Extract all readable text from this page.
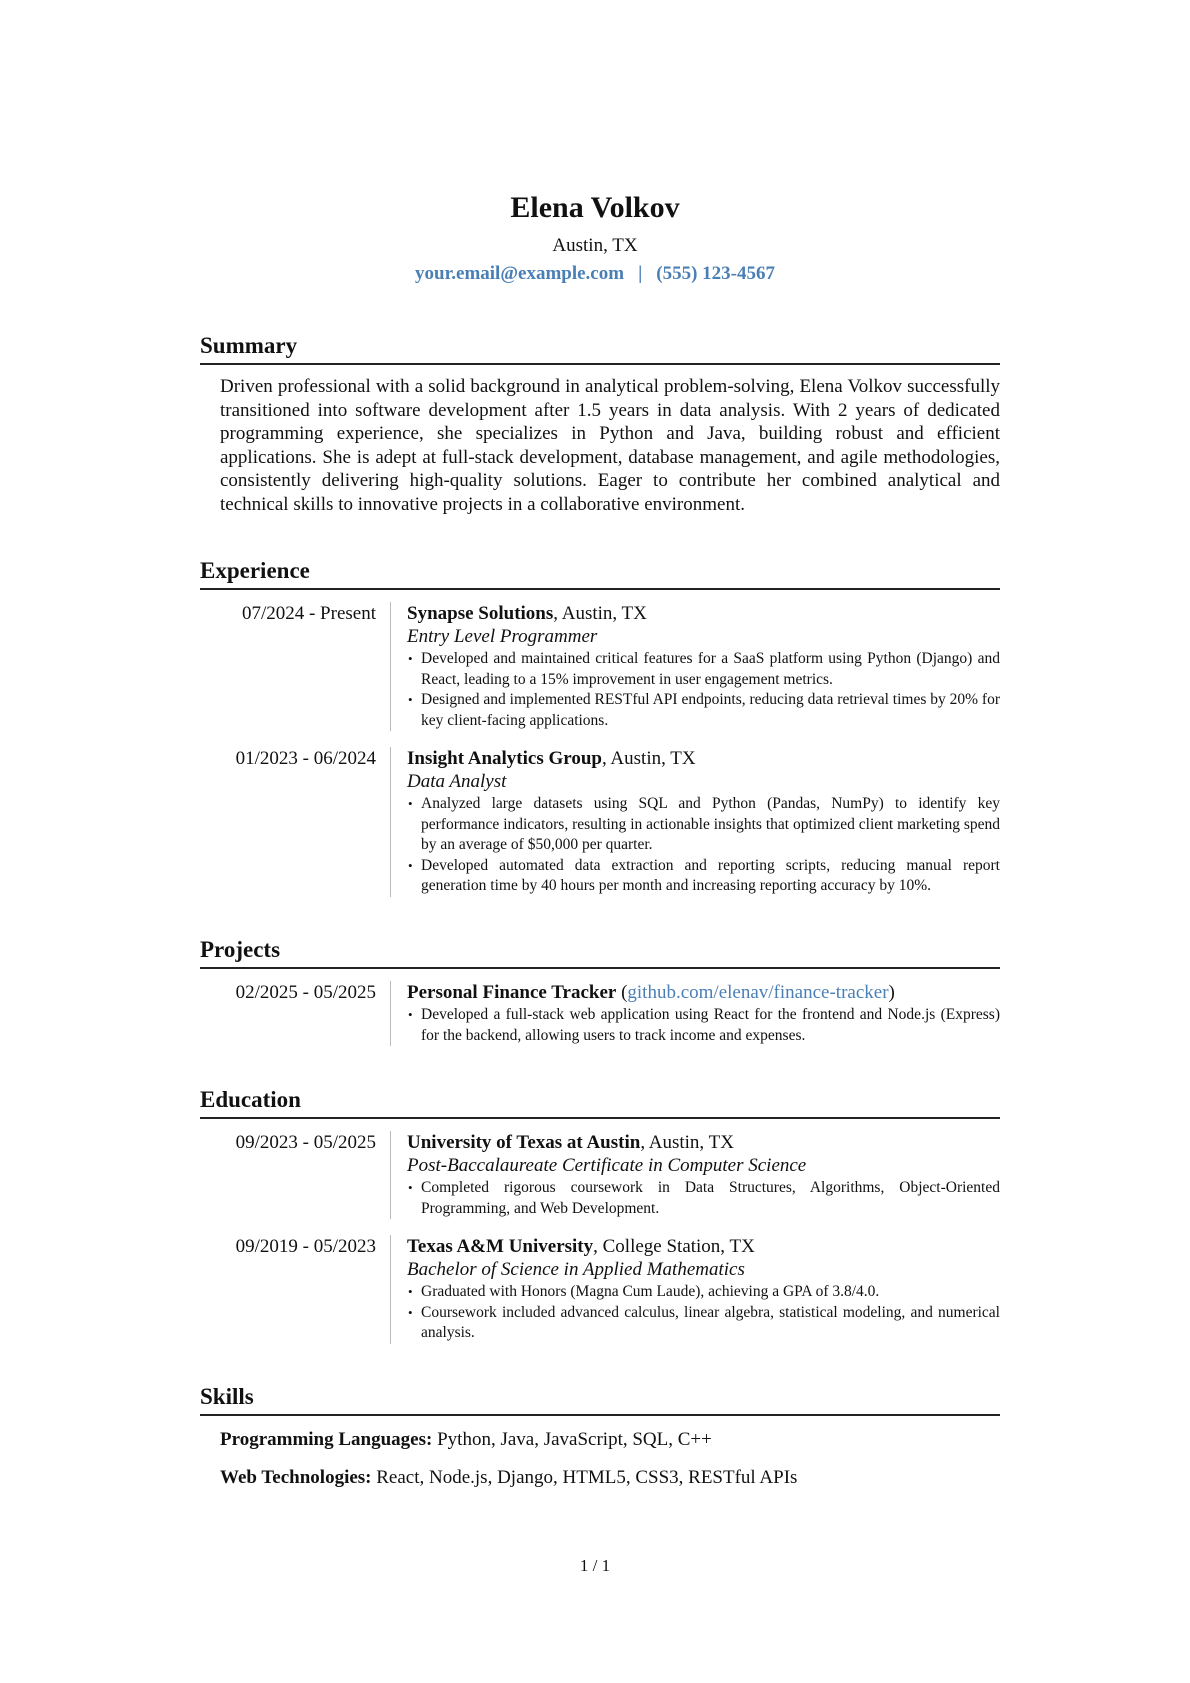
Elena Volkov
Austin, TX
your.email@example.com | (555) 123-4567
Summary

Driven professional with a solid background in analytical problem-solving, Elena Volkov successfully transitioned into software development after 1.5 years in data analysis. With 2 years of dedicated programming experience, she specializes in Python and Java, building robust and efficient applications. She is adept at full-stack development, database management, and agile methodologies, consistently delivering high-quality solutions. Eager to contribute her combined analytical and technical skills to innovative projects in a collaborative environment.

Experience
07/2024 - Present Synapse Solutions, Austin, TX
Entry Level Programmer
• Developed and maintained critical features for a SaaS platform using Python (Django) and React, leading to a 15% improvement in user engagement metrics.
• Designed and implemented RESTful API endpoints, reducing data retrieval times by 20% for key client-facing applications.
01/2023 - 06/2024 Insight Analytics Group, Austin, TX
Data Analyst
• Analyzed large datasets using SQL and Python (Pandas, NumPy) to identify key performance indicators, resulting in actionable insights that optimized client marketing spend by an average of $50,000 per quarter.
• Developed automated data extraction and reporting scripts, reducing manual report generation time by 40 hours per month and increasing reporting accuracy by 10%.
Projects
02/2025 - 05/2025 Personal Finance Tracker (github.com/elenav/finance-tracker)
• Developed a full-stack web application using React for the frontend and Node.js (Express) for the backend, allowing users to track income and expenses.
Education
09/2023 - 05/2025 University of Texas at Austin, Austin, TX
Post-Baccalaureate Certificate in Computer Science
• Completed rigorous coursework in Data Structures, Algorithms, Object-Oriented Programming, and Web Development.
09/2019 - 05/2023 Texas A&M University, College Station, TX
Bachelor of Science in Applied Mathematics
• Graduated with Honors (Magna Cum Laude), achieving a GPA of 3.8/4.0.
• Coursework included advanced calculus, linear algebra, statistical modeling, and numerical analysis.
Skills
Programming Languages: Python, Java, JavaScript, SQL, C++
Web Technologies: React, Node.js, Django, HTML5, CSS3, RESTful APIs
1 / 1
